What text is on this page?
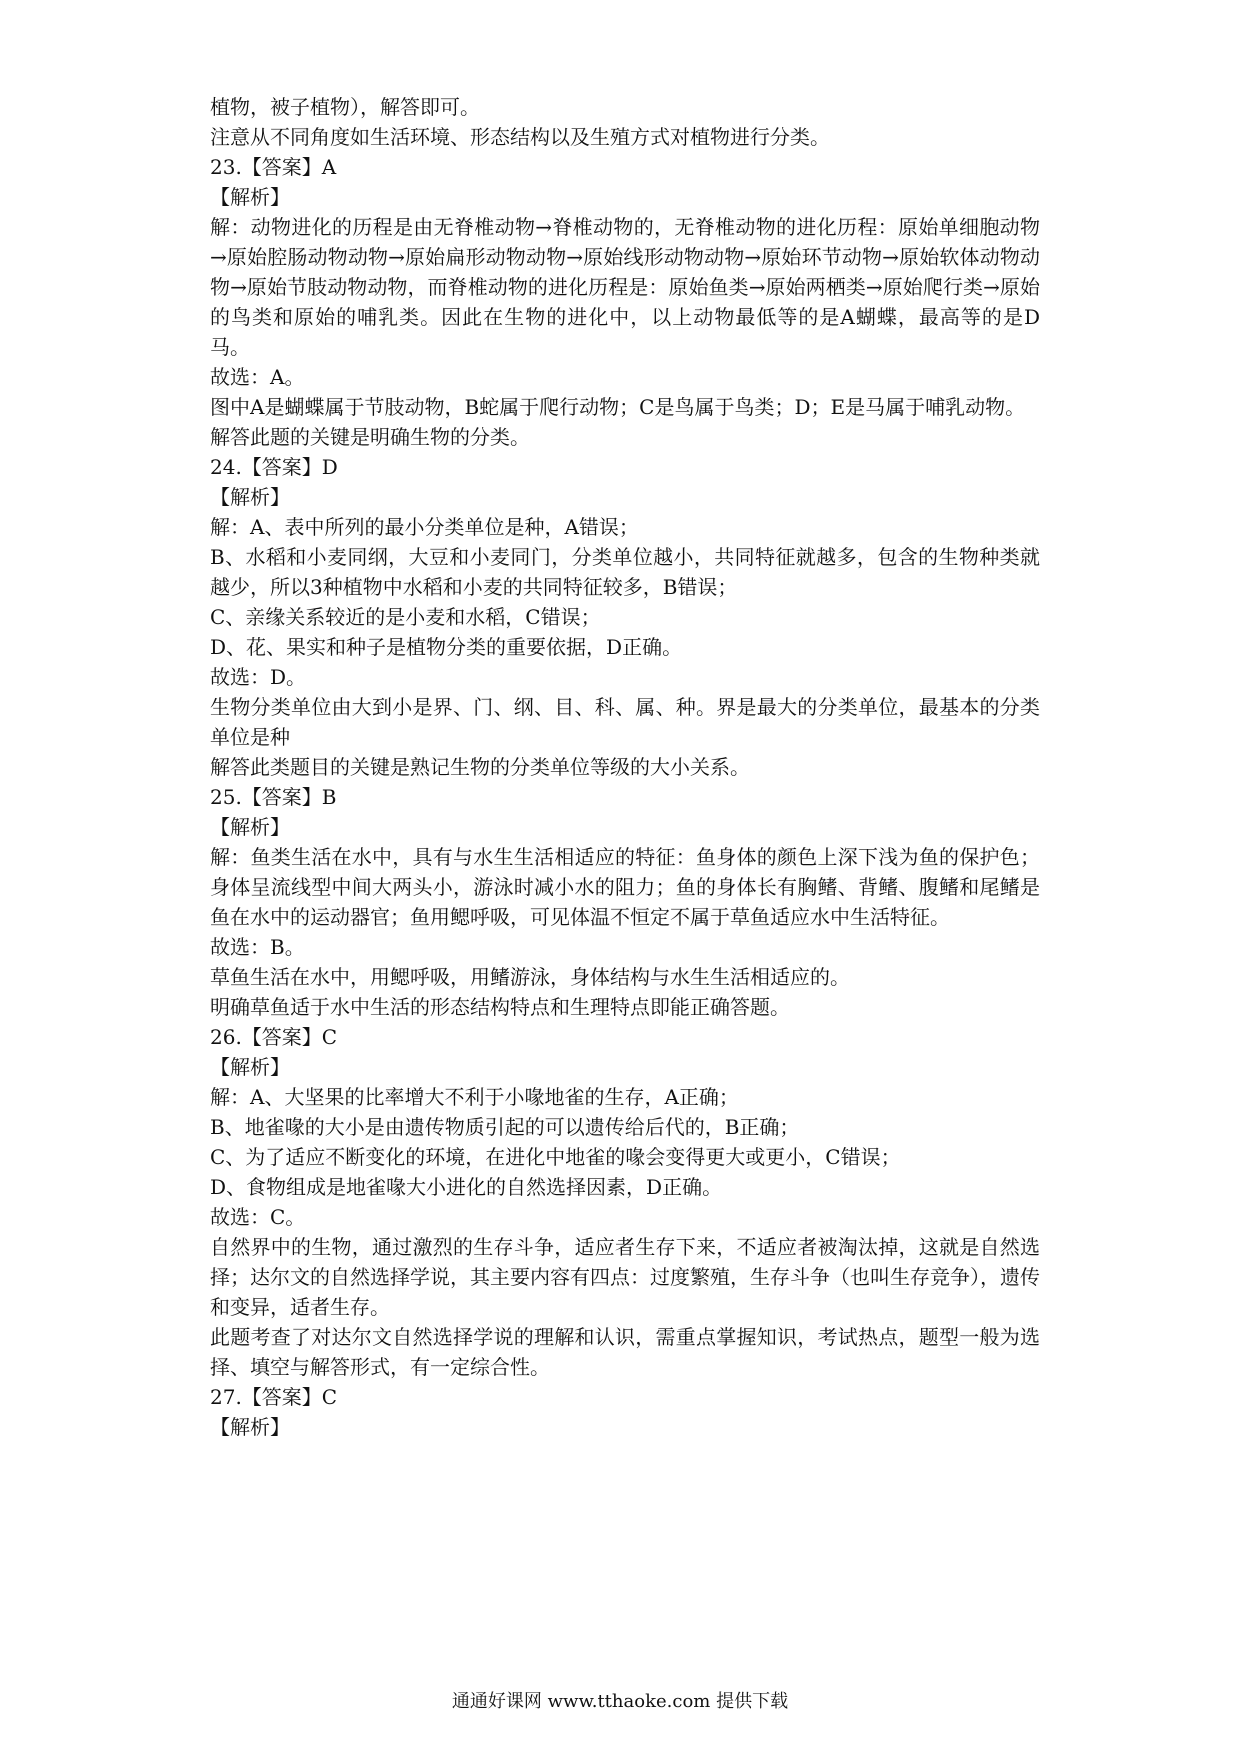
植物，被子植物），解答即可。

注意从不同角度如生活环境、形态结构以及生殖方式对植物进行分类。

23.【答案】A

【解析】

解：动物进化的历程是由无脊椎动物→脊椎动物的，无脊椎动物的进化历程：原始单细胞动物→原始腔肠动物动物→原始扁形动物动物→原始线形动物动物→原始环节动物→原始软体动物动物→原始节肢动物动物，而脊椎动物的进化历程是：原始鱼类→原始两栖类→原始爬行类→原始的鸟类和原始的哺乳类。因此在生物的进化中，以上动物最低等的是A蝴蝶，最高等的是D马。

故选：A。

图中A是蝴蝶属于节肢动物，B蛇属于爬行动物；C是鸟属于鸟类；D；E是马属于哺乳动物。

解答此题的关键是明确生物的分类。

24.【答案】D

【解析】

解：A、表中所列的最小分类单位是种，A错误；

B、水稻和小麦同纲，大豆和小麦同门，分类单位越小，共同特征就越多，包含的生物种类就越少，所以3种植物中水稻和小麦的共同特征较多，B错误；

C、亲缘关系较近的是小麦和水稻，C错误；

D、花、果实和种子是植物分类的重要依据，D正确。

故选：D。

生物分类单位由大到小是界、门、纲、目、科、属、种。界是最大的分类单位，最基本的分类单位是种

解答此类题目的关键是熟记生物的分类单位等级的大小关系。

25.【答案】B

【解析】

解：鱼类生活在水中，具有与水生生活相适应的特征：鱼身体的颜色上深下浅为鱼的保护色；身体呈流线型中间大两头小，游泳时减小水的阻力；鱼的身体长有胸鳍、背鳍、腹鳍和尾鳍是鱼在水中的运动器官；鱼用鳃呼吸，可见体温不恒定不属于草鱼适应水中生活特征。

故选：B。

草鱼生活在水中，用鳃呼吸，用鳍游泳，身体结构与水生生活相适应的。

明确草鱼适于水中生活的形态结构特点和生理特点即能正确答题。

26.【答案】C

【解析】

解：A、大坚果的比率增大不利于小喙地雀的生存，A正确；

B、地雀喙的大小是由遗传物质引起的可以遗传给后代的，B正确；

C、为了适应不断变化的环境，在进化中地雀的喙会变得更大或更小，C错误；

D、食物组成是地雀喙大小进化的自然选择因素，D正确。

故选：C。

自然界中的生物，通过激烈的生存斗争，适应者生存下来，不适应者被淘汰掉，这就是自然选择；达尔文的自然选择学说，其主要内容有四点：过度繁殖，生存斗争（也叫生存竞争），遗传和变异，适者生存。

此题考查了对达尔文自然选择学说的理解和认识，需重点掌握知识，考试热点，题型一般为选择、填空与解答形式，有一定综合性。

27.【答案】C

【解析】

通通好课网 www.tthaoke.com 提供下载
